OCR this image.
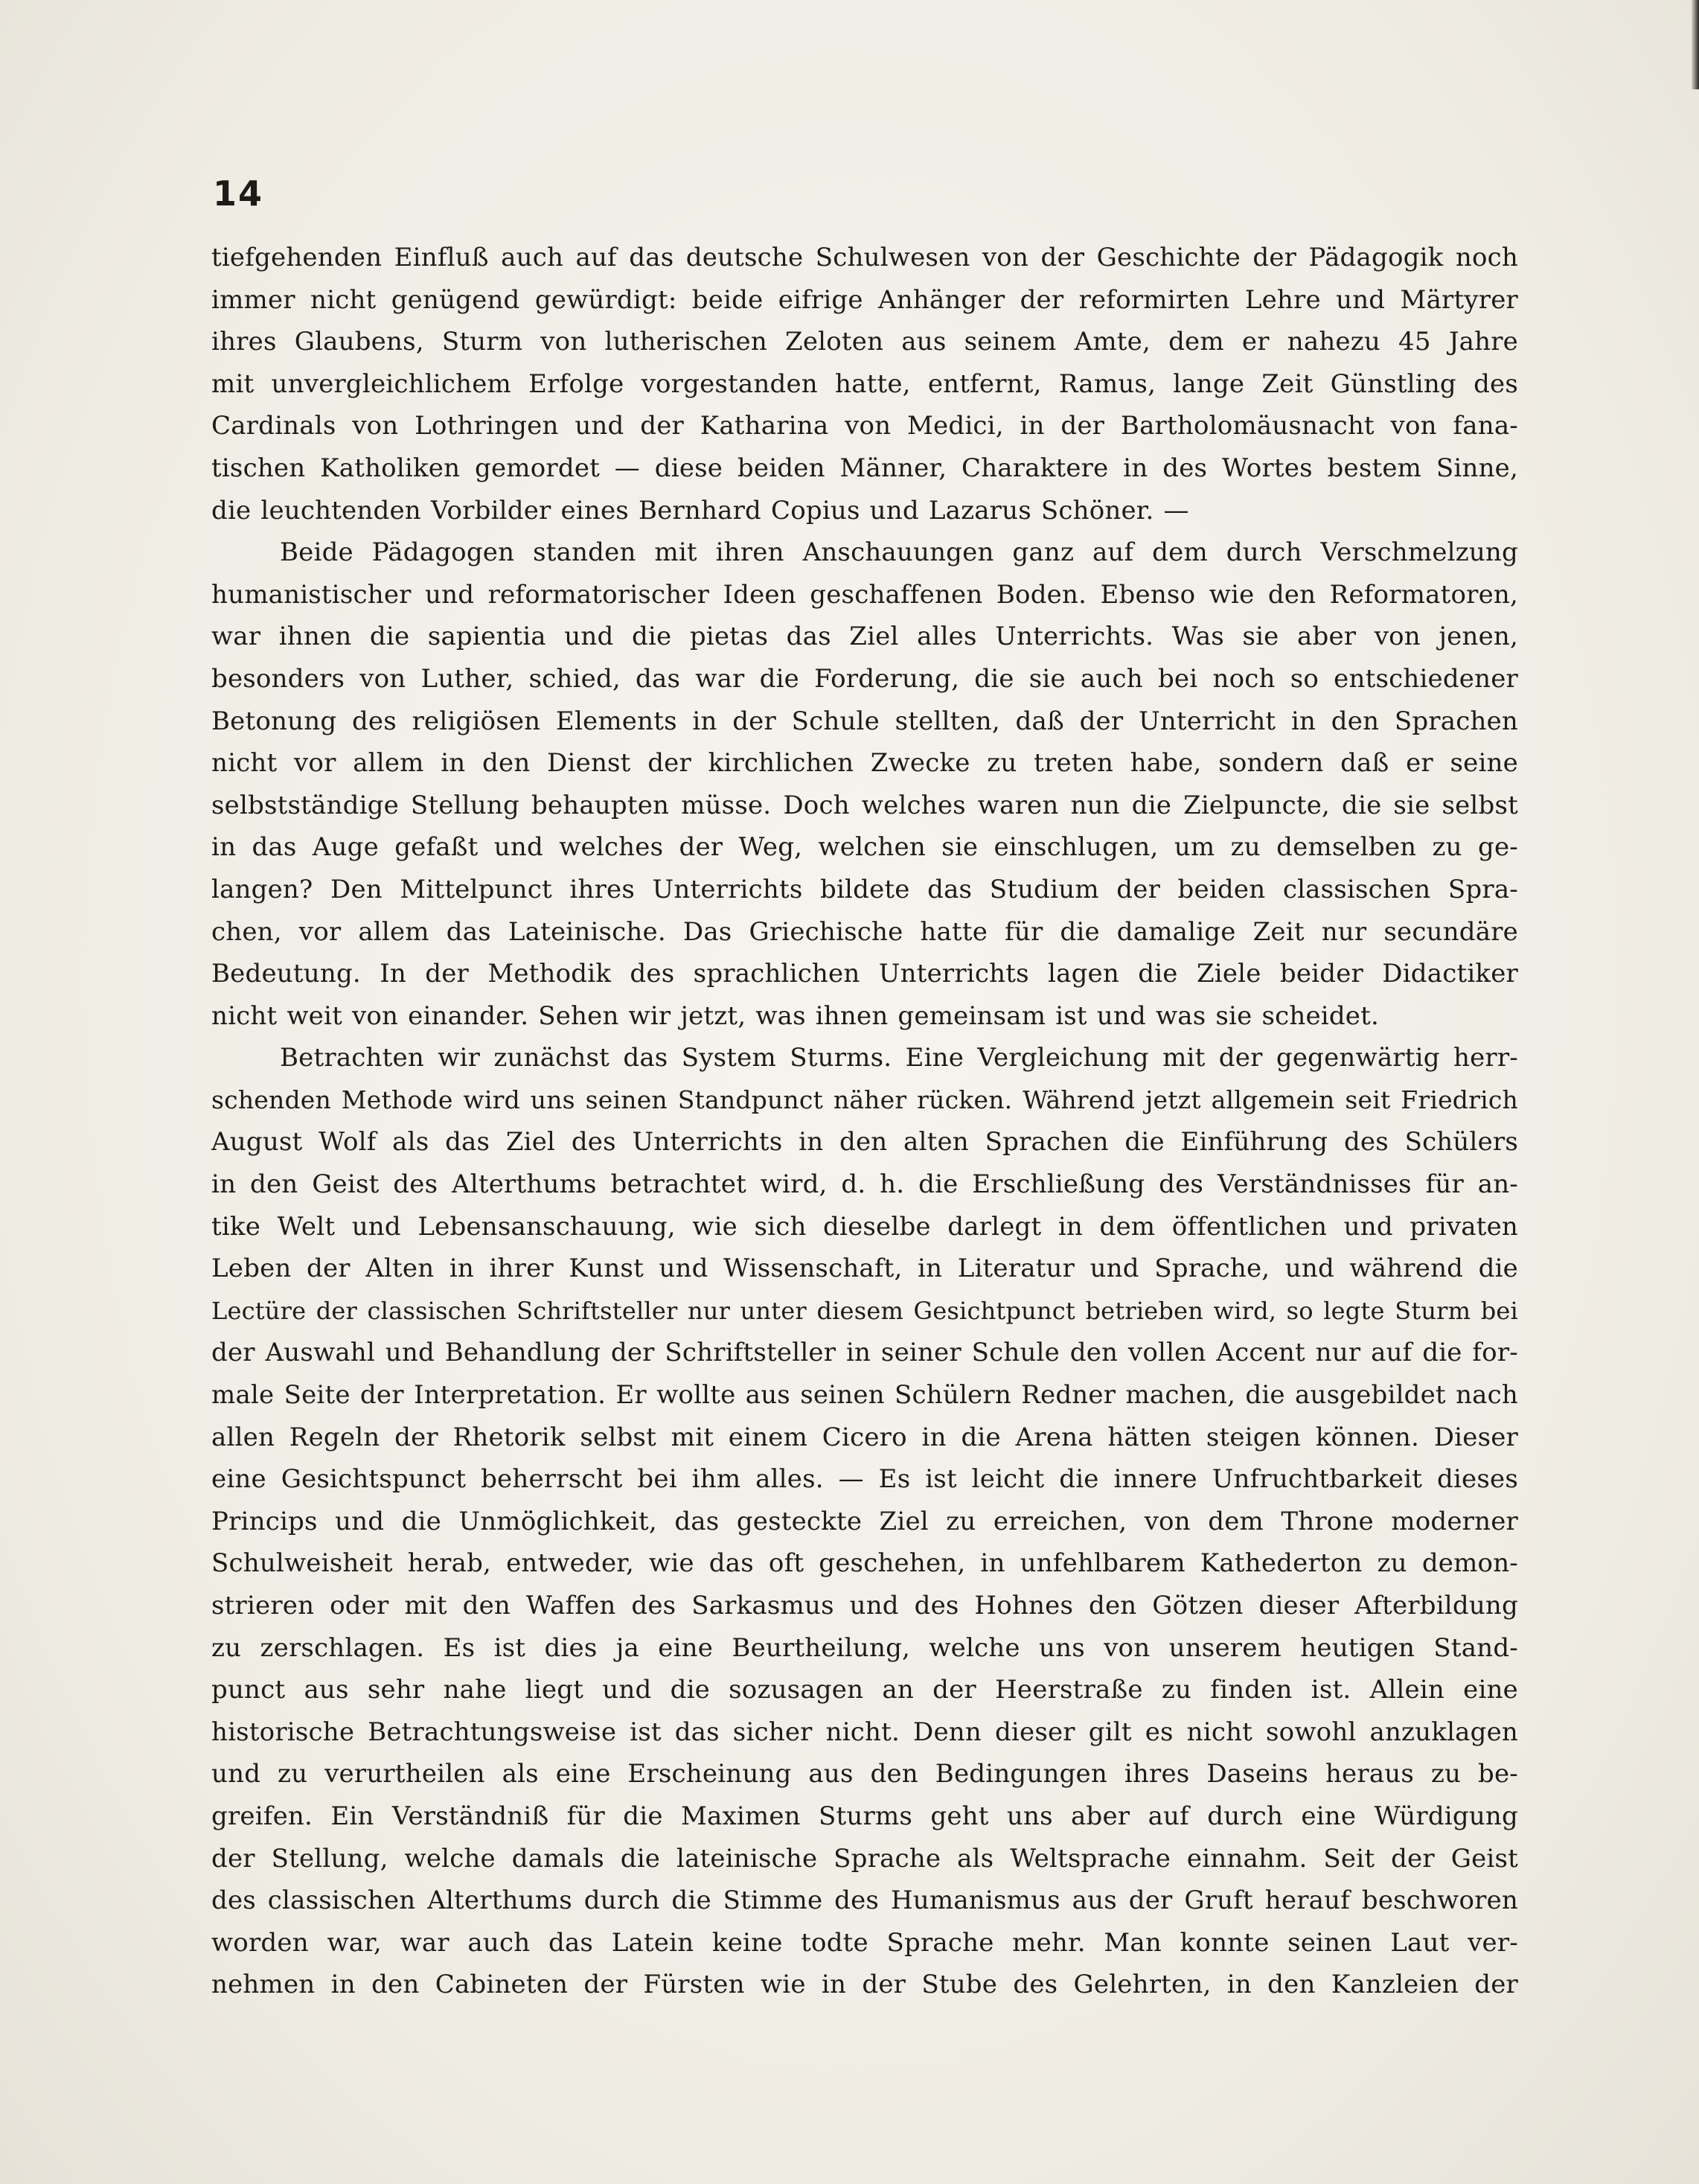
14
tiefgehenden Einfluß auch auf das deutsche Schulwesen von der Geschichte der Pädagogik noch
immer nicht genügend gewürdigt: beide eifrige Anhänger der reformirten Lehre und Märtyrer
ihres Glaubens, Sturm von lutherischen Zeloten aus seinem Amte, dem er nahezu 45 Jahre
mit unvergleichlichem Erfolge vorgestanden hatte, entfernt, Ramus, lange Zeit Günstling des
Cardinals von Lothringen und der Katharina von Medici, in der Bartholomäusnacht von fana-
tischen Katholiken gemordet — diese beiden Männer, Charaktere in des Wortes bestem Sinne,
die leuchtenden Vorbilder eines Bernhard Copius und Lazarus Schöner. —
Beide Pädagogen standen mit ihren Anschauungen ganz auf dem durch Verschmelzung
humanistischer und reformatorischer Ideen geschaffenen Boden. Ebenso wie den Reformatoren,
war ihnen die sapientia und die pietas das Ziel alles Unterrichts. Was sie aber von jenen,
besonders von Luther, schied, das war die Forderung, die sie auch bei noch so entschiedener
Betonung des religiösen Elements in der Schule stellten, daß der Unterricht in den Sprachen
nicht vor allem in den Dienst der kirchlichen Zwecke zu treten habe, sondern daß er seine
selbstständige Stellung behaupten müsse. Doch welches waren nun die Zielpuncte, die sie selbst
in das Auge gefaßt und welches der Weg, welchen sie einschlugen, um zu demselben zu ge-
langen? Den Mittelpunct ihres Unterrichts bildete das Studium der beiden classischen Spra-
chen, vor allem das Lateinische. Das Griechische hatte für die damalige Zeit nur secundäre
Bedeutung. In der Methodik des sprachlichen Unterrichts lagen die Ziele beider Didactiker
nicht weit von einander. Sehen wir jetzt, was ihnen gemeinsam ist und was sie scheidet.
Betrachten wir zunächst das System Sturms. Eine Vergleichung mit der gegenwärtig herr-
schenden Methode wird uns seinen Standpunct näher rücken. Während jetzt allgemein seit Friedrich
August Wolf als das Ziel des Unterrichts in den alten Sprachen die Einführung des Schülers
in den Geist des Alterthums betrachtet wird, d. h. die Erschließung des Verständnisses für an-
tike Welt und Lebensanschauung, wie sich dieselbe darlegt in dem öffentlichen und privaten
Leben der Alten in ihrer Kunst und Wissenschaft, in Literatur und Sprache, und während die
Lectüre der classischen Schriftsteller nur unter diesem Gesichtpunct betrieben wird, so legte Sturm bei
der Auswahl und Behandlung der Schriftsteller in seiner Schule den vollen Accent nur auf die for-
male Seite der Interpretation. Er wollte aus seinen Schülern Redner machen, die ausgebildet nach
allen Regeln der Rhetorik selbst mit einem Cicero in die Arena hätten steigen können. Dieser
eine Gesichtspunct beherrscht bei ihm alles. — Es ist leicht die innere Unfruchtbarkeit dieses
Princips und die Unmöglichkeit, das gesteckte Ziel zu erreichen, von dem Throne moderner
Schulweisheit herab, entweder, wie das oft geschehen, in unfehlbarem Kathederton zu demon-
strieren oder mit den Waffen des Sarkasmus und des Hohnes den Götzen dieser Afterbildung
zu zerschlagen. Es ist dies ja eine Beurtheilung, welche uns von unserem heutigen Stand-
punct aus sehr nahe liegt und die sozusagen an der Heerstraße zu finden ist. Allein eine
historische Betrachtungsweise ist das sicher nicht. Denn dieser gilt es nicht sowohl anzuklagen
und zu verurtheilen als eine Erscheinung aus den Bedingungen ihres Daseins heraus zu be-
greifen. Ein Verständniß für die Maximen Sturms geht uns aber auf durch eine Würdigung
der Stellung, welche damals die lateinische Sprache als Weltsprache einnahm. Seit der Geist
des classischen Alterthums durch die Stimme des Humanismus aus der Gruft herauf beschworen
worden war, war auch das Latein keine todte Sprache mehr. Man konnte seinen Laut ver-
nehmen in den Cabineten der Fürsten wie in der Stube des Gelehrten, in den Kanzleien der
